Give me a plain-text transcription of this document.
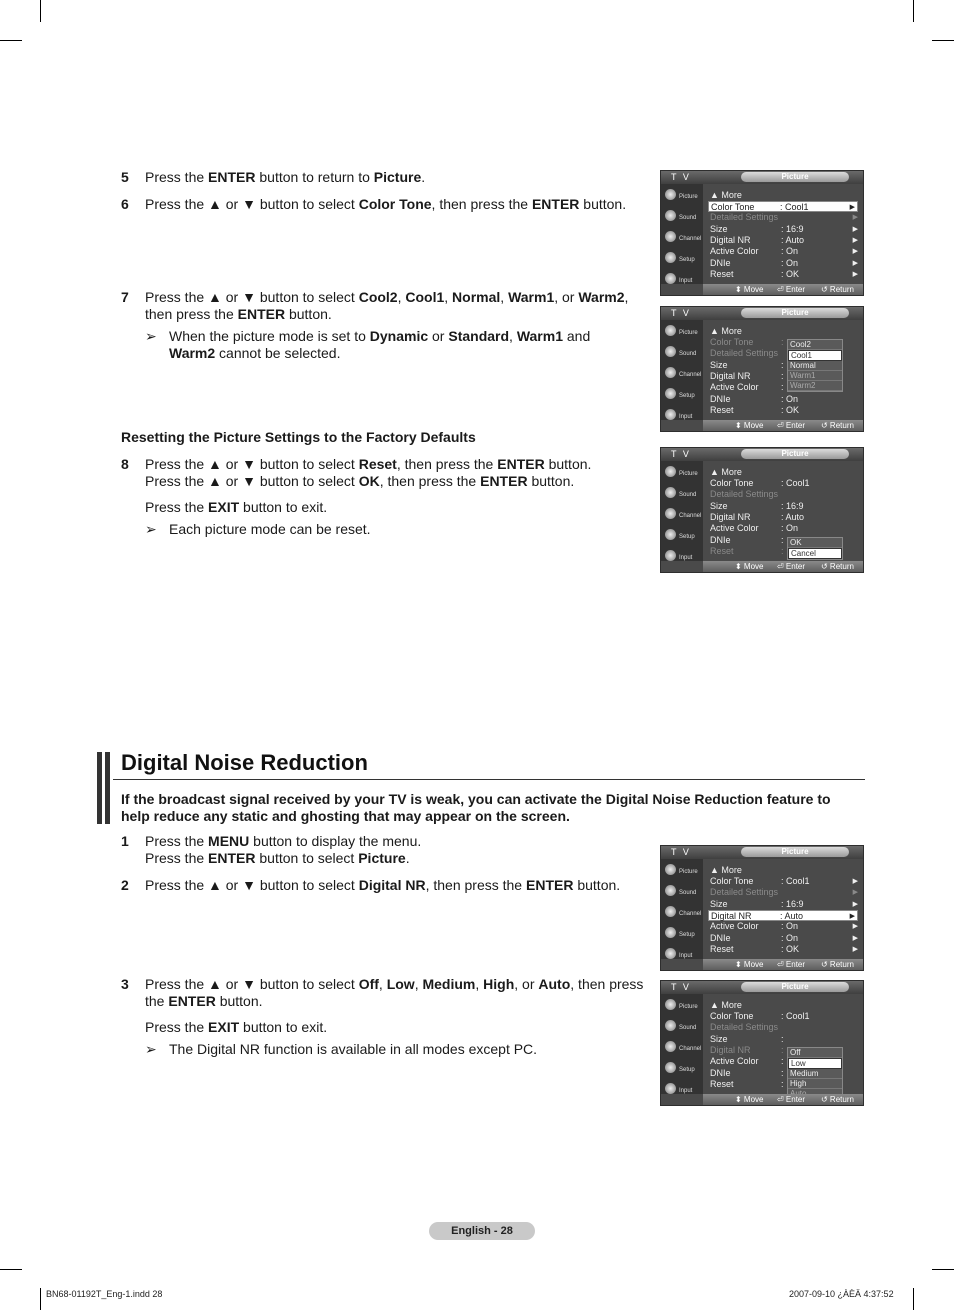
5 Press the ENTER button to return to Picture.
6 Press the ▲ or ▼ button to select Color Tone, then press the ENTER button.
7 Press the ▲ or ▼ button to select Cool2, Cool1, Normal, Warm1, or Warm2, then press the ENTER button.
➢ When the picture mode is set to Dynamic or Standard, Warm1 and Warm2 cannot be selected.
Resetting the Picture Settings to the Factory Defaults
8 Press the ▲ or ▼ button to select Reset, then press the ENTER button.
Press the ▲ or ▼ button to select OK, then press the ENTER button.
Press the EXIT button to exit.
➢ Each picture mode can be reset.
Digital Noise Reduction
If the broadcast signal received by your TV is weak, you can activate the Digital Noise Reduction feature to help reduce any static and ghosting that may appear on the screen.
1 Press the MENU button to display the menu.
Press the ENTER button to select Picture.
2 Press the ▲ or ▼ button to select Digital NR, then press the ENTER button.
3 Press the ▲ or ▼ button to select Off, Low, Medium, High, or Auto, then press the ENTER button.
Press the EXIT button to exit.
➢ The Digital NR function is available in all modes except PC.
T V	Picture
Picture
Sound
Channel
Setup
Input
▲ More
Color Tone	: Cool1	▶
Detailed Settings	▶
Size	: 16:9	▶
Digital NR	: Auto	▶
Active Color : On	▶
DNIe	: On	▶
Reset	: OK	▶
⬍ Move ⏎ Enter ↺ Return
T V	Picture
Picture
Sound
Channel
Setup
Input
▲ More
Color Tone	:
Detailed Settings
Size	:
Digital NR	:
Active Color :
DNIe	: On
Reset	: OK
Cool2
Cool1
Normal
Warm1
Warm2
⬍ Move ⏎ Enter ↺ Return
T V	Picture
Picture
Sound
Channel
Setup
Input
▲ More
Color Tone	: Cool1
Detailed Settings
Size	: 16:9
Digital NR	: Auto
Active Color : On
DNIe	:
Reset	:
OK
Cancel
⬍ Move ⏎ Enter ↺ Return
T V	Picture
Picture
Sound
Channel
Setup
Input
▲ More
Color Tone	: Cool1	▶
Detailed Settings	▶
Size	: 16:9	▶
Digital NR	: Auto	▶
Active Color : On	▶
DNIe	: On	▶
Reset	: OK	▶
⬍ Move ⏎ Enter ↺ Return
T V	Picture
Picture
Sound
Channel
Setup
Input
▲ More
Color Tone	: Cool1
Detailed Settings
Size	:
Digital NR	:
Active Color :
DNIe	:
Reset	:
Off
Low
Medium
High
⬍ Move ⏎ Enter ↺ Return
English - 28
BN68-01192T_Eng-1.indd 28	2007-09-10 ¿ÀÈÄ 4:37:52
